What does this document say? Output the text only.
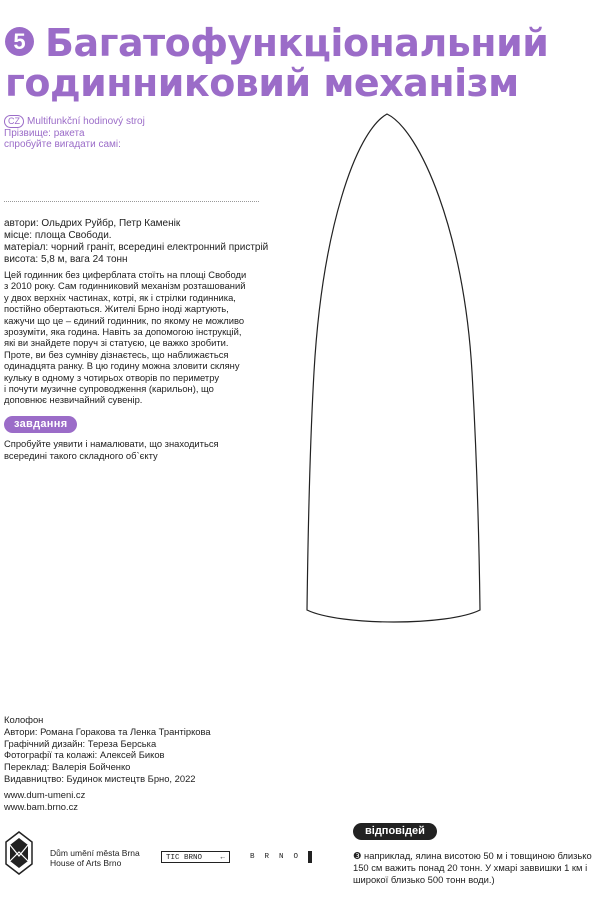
5 Багатофункціональний
годинниковий механізм
CZ Multifunkční hodinový stroj
Прізвище: ракета
спробуйте вигадати самі:
автори: Ольдрих Руйбр, Петр Каменік
місце: площа Свободи.
матеріал: чорний граніт, всередині електронний пристрій
висота: 5,8 м, вага 24 тонн
Цей годинник без циферблата стоїть на площі Свободи
з 2010 року. Сам годинниковий механізм розташований
у двох верхніх частинах, котрі, як і стрілки годинника,
постійно обертаються. Жителі Брно іноді жартують,
кажучи що це – єдиний годинник, по якому не можливо
зрозуміти, яка година. Навіть за допомогою інструкцій,
які ви знайдете поруч зі статуєю, це важко зробити.
Проте, ви без сумніву дізнаєтесь, що наближається
одинадцята ранку. В цю годину можна зловити скляну
кульку в одному з чотирьох отворів по периметру
і почути музичне супроводження (карильон), що
доповнює незвичайний сувенір.
завдання
Спробуйте уявити і намалювати, що знаходиться
всередині такого складного об`єкту
Колофон
Автори: Романа Горакова та Ленка Трантіркова
Графічний дизайн: Тереза Берська
Фотографії та колажі: Алексей Биков
Переклад: Валерія Бойченко
Видавництво: Будинок мистецтв Брно, 2022
www.dum-umeni.cz
www.bam.brno.cz
Dům umění města Brna
House of Arts Brno	TIC BRNO ←	B R N O
відповідей
❸ наприклад, ялина висотою 50 м і товщиною близько
150 см важить понад 20 тонн. У хмарі заввишки 1 км і
широкої близько 500 тонн води.)
